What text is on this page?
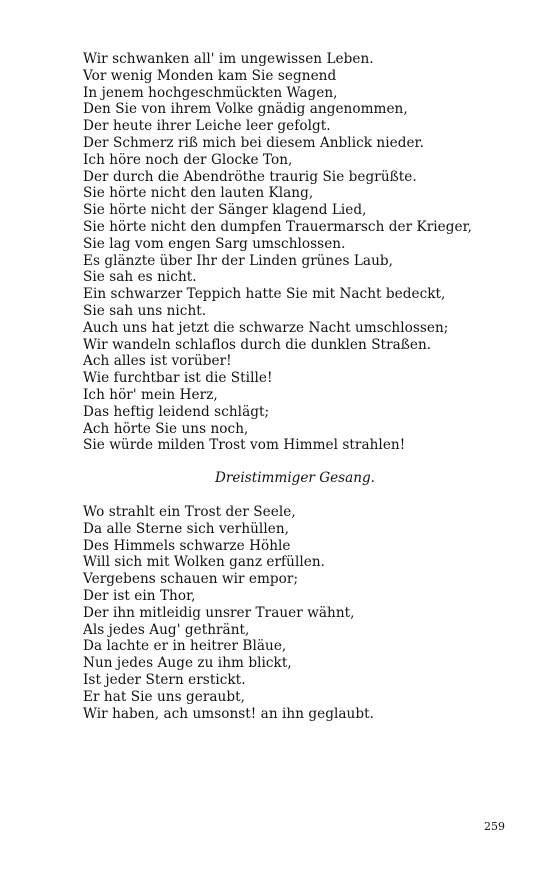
Wir schwanken all' im ungewissen Leben.
Vor wenig Monden kam Sie segnend
In jenem hochgeschmückten Wagen,
Den Sie von ihrem Volke gnädig angenommen,
Der heute ihrer Leiche leer gefolgt.
Der Schmerz riß mich bei diesem Anblick nieder.
Ich höre noch der Glocke Ton,
Der durch die Abendröthe traurig Sie begrüßte.
Sie hörte nicht den lauten Klang,
Sie hörte nicht der Sänger klagend Lied,
Sie hörte nicht den dumpfen Trauermarsch der Krieger,
Sie lag vom engen Sarg umschlossen.
Es glänzte über Ihr der Linden grünes Laub,
Sie sah es nicht.
Ein schwarzer Teppich hatte Sie mit Nacht bedeckt,
Sie sah uns nicht.
Auch uns hat jetzt die schwarze Nacht umschlossen;
Wir wandeln schlaflos durch die dunklen Straßen.
Ach alles ist vorüber!
Wie furchtbar ist die Stille!
Ich hör' mein Herz,
Das heftig leidend schlägt;
Ach hörte Sie uns noch,
Sie würde milden Trost vom Himmel strahlen!
Dreistimmiger Gesang.
Wo strahlt ein Trost der Seele,
Da alle Sterne sich verhüllen,
Des Himmels schwarze Höhle
Will sich mit Wolken ganz erfüllen.
Vergebens schauen wir empor;
Der ist ein Thor,
Der ihn mitleidig unsrer Trauer wähnt,
Als jedes Aug' gethränt,
Da lachte er in heitrer Bläue,
Nun jedes Auge zu ihm blickt,
Ist jeder Stern erstickt.
Er hat Sie uns geraubt,
Wir haben, ach umsonst! an ihn geglaubt.
259
